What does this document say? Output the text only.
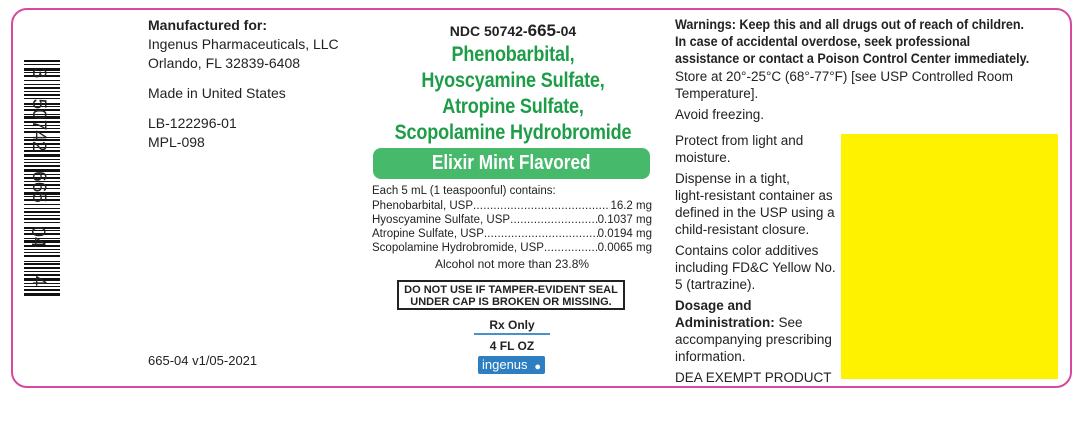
3
50742
665
04
4
Manufactured for:
Ingenus Pharmaceuticals, LLC
Orlando, FL 32839-6408
Made in United States
LB-122296-01
MPL-098
665-04 v1/05-2021
NDC 50742-665-04
Phenobarbital,
Hyoscyamine Sulfate,
Atropine Sulfate,
Scopolamine Hydrobromide
Elixir Mint Flavored
Each 5 mL (1 teaspoonful) contains:
Phenobarbital, USP .....	16.2 mg
Hyoscyamine Sulfate, USP .....	0.1037 mg
Atropine Sulfate, USP .....	0.0194 mg
Scopolamine Hydrobromide, USP .....	0.0065 mg
Alcohol not more than 23.8%
DO NOT USE IF TAMPER-EVIDENT SEAL
UNDER CAP IS BROKEN OR MISSING.
Rx Only
4 FL OZ
ingenus ●
Warnings: Keep this and all drugs out of reach of children.
In case of accidental overdose, seek professional
assistance or contact a Poison Control Center immediately.
Store at 20°-25°C (68°-77°F) [see USP Controlled Room
Temperature].
Avoid freezing.

Protect from light and
moisture.

Dispense in a tight,
light-resistant container as
defined in the USP using a
child-resistant closure.

Contains color additives
including FD&C Yellow No.
5 (tartrazine).

Dosage and
Administration: See
accompanying prescribing
information.

DEA EXEMPT PRODUCT
